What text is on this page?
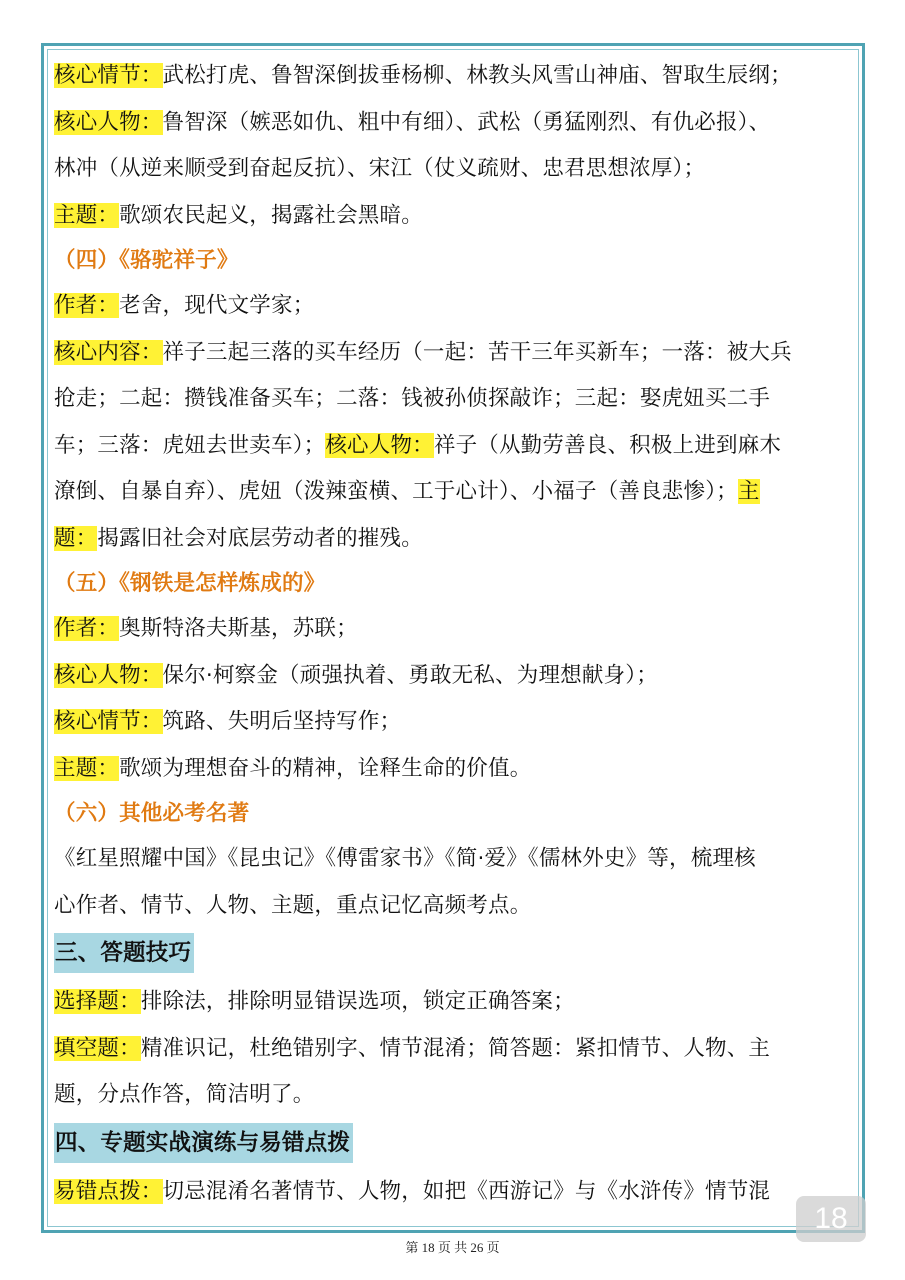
核心情节：武松打虎、鲁智深倒拔垂杨柳、林教头风雪山神庙、智取生辰纲；
核心人物：鲁智深（嫉恶如仇、粗中有细）、武松（勇猛刚烈、有仇必报）、
林冲（从逆来顺受到奋起反抗）、宋江（仗义疏财、忠君思想浓厚）；
主题：歌颂农民起义，揭露社会黑暗。
（四）《骆驼祥子》
作者：老舍，现代文学家；
核心内容：祥子三起三落的买车经历（一起：苦干三年买新车；一落：被大兵
抢走；二起：攒钱准备买车；二落：钱被孙侦探敲诈；三起：娶虎妞买二手
车；三落：虎妞去世卖车）；核心人物：祥子（从勤劳善良、积极上进到麻木
潦倒、自暴自弃）、虎妞（泼辣蛮横、工于心计）、小福子（善良悲惨）；主
题：揭露旧社会对底层劳动者的摧残。
（五）《钢铁是怎样炼成的》
作者：奥斯特洛夫斯基，苏联；
核心人物：保尔·柯察金（顽强执着、勇敢无私、为理想献身）；
核心情节：筑路、失明后坚持写作；
主题：歌颂为理想奋斗的精神，诠释生命的价值。
（六）其他必考名著
《红星照耀中国》《昆虫记》《傅雷家书》《简·爱》《儒林外史》等，梳理核
心作者、情节、人物、主题，重点记忆高频考点。
三、答题技巧
选择题：排除法，排除明显错误选项，锁定正确答案；
填空题：精准识记，杜绝错别字、情节混淆；简答题：紧扣情节、人物、主
题，分点作答，简洁明了。
四、专题实战演练与易错点拨
易错点拨：切忌混淆名著情节、人物，如把《西游记》与《水浒传》情节混
18
第 18 页 共 26 页
